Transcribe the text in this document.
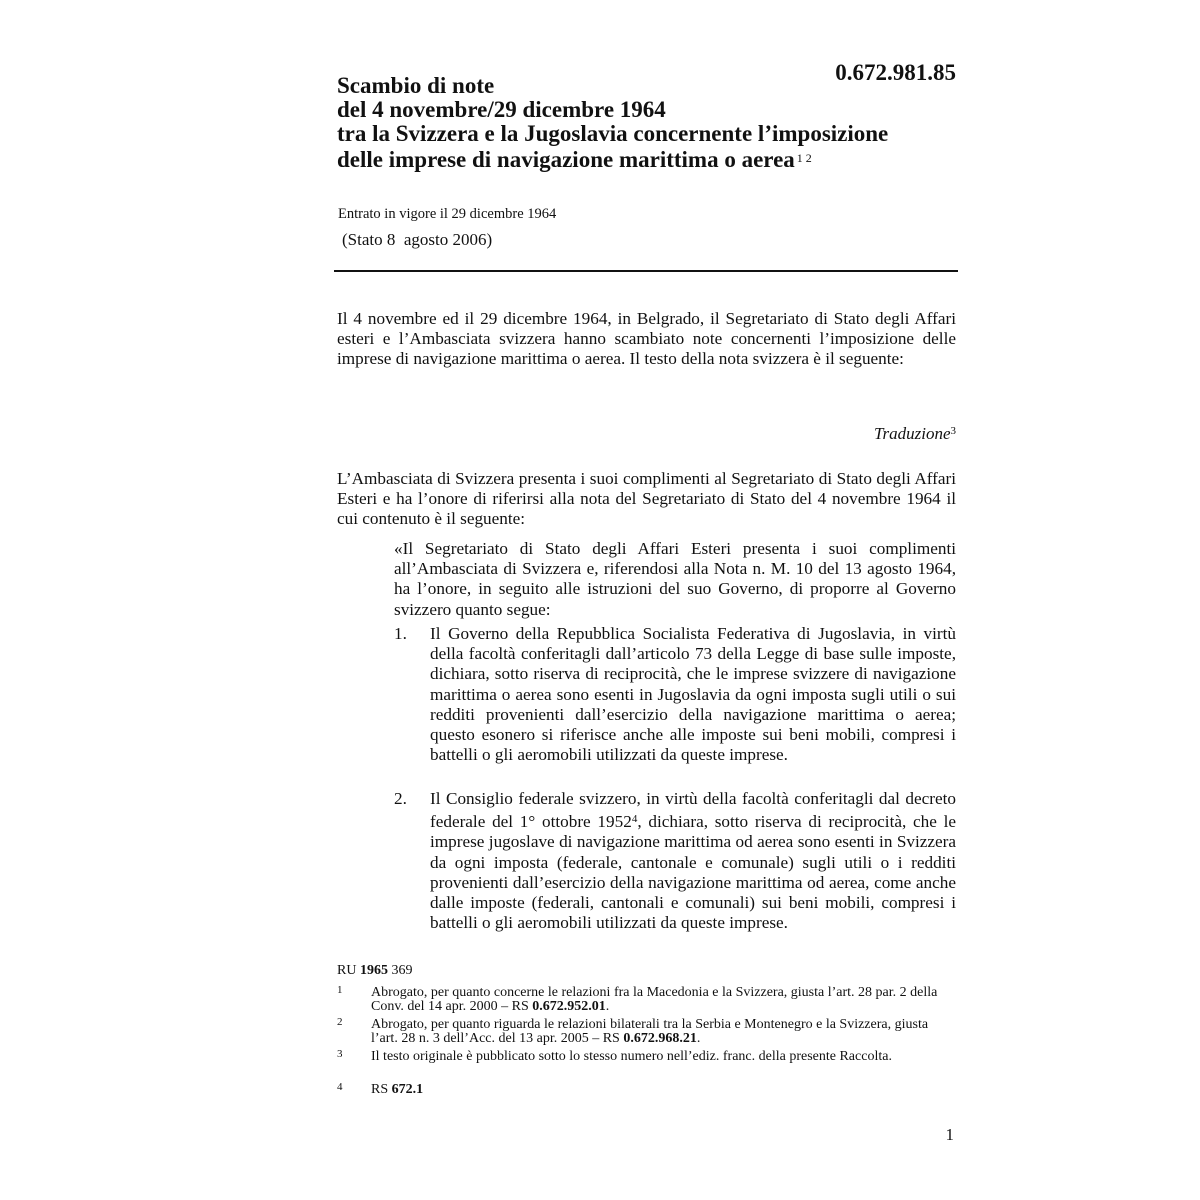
0.672.981.85
Scambio di note
del 4 novembre/29 dicembre 1964
tra la Svizzera e la Jugoslavia concernente l’imposizione
delle imprese di navigazione marittima o aerea $^{1 2}$
Entrato in vigore il 29 dicembre 1964
(Stato 8  agosto 2006)
Il 4 novembre ed il 29 dicembre 1964, in Belgrado, il Segretariato di Stato degli Affari esteri e l’Ambasciata svizzera hanno scambiato note concernenti l’imposizione delle imprese di navigazione marittima o aerea. Il testo della nota svizzera è il seguente:
Traduzione$^3$
L’Ambasciata di Svizzera presenta i suoi complimenti al Segretariato di Stato degli Affari Esteri e ha l’onore di riferirsi alla nota del Segretariato di Stato del 4 novembre 1964 il cui contenuto è il seguente:
«Il Segretariato di Stato degli Affari Esteri presenta i suoi complimenti all’Ambasciata di Svizzera e, riferendosi alla Nota n. M. 10 del 13 agosto 1964, ha l’onore, in seguito alle istruzioni del suo Governo, di proporre al Governo svizzero quanto segue:
1. Il Governo della Repubblica Socialista Federativa di Jugoslavia, in virtù della facoltà conferitagli dall’articolo 73 della Legge di base sulle imposte, dichiara, sotto riserva di reciprocità, che le imprese svizzere di navigazione marittima o aerea sono esenti in Jugoslavia da ogni imposta sugli utili o sui redditi provenienti dall’esercizio della navigazione marittima o aerea; questo esonero si riferisce anche alle imposte sui beni mobili, compresi i battelli o gli aeromobili utilizzati da queste imprese.
2. Il Consiglio federale svizzero, in virtù della facoltà conferitagli dal decreto federale del 1° ottobre 1952$^4$, dichiara, sotto riserva di reciprocità, che le imprese jugoslave di navigazione marittima od aerea sono esenti in Svizzera da ogni imposta (federale, cantonale e comunale) sugli utili o i redditi provenienti dall’esercizio della navigazione marittima od aerea, come anche dalle imposte (federali, cantonali e comunali) sui beni mobili, compresi i battelli o gli aeromobili utilizzati da queste imprese.
RU 1965 369
1 Abrogato, per quanto concerne le relazioni fra la Macedonia e la Svizzera, giusta l’art. 28 par. 2 della Conv. del 14 apr. 2000 – RS 0.672.952.01.
2 Abrogato, per quanto riguarda le relazioni bilaterali tra la Serbia e Montenegro e la Svizzera, giusta l’art. 28 n. 3 dell’Acc. del 13 apr. 2005 – RS 0.672.968.21.
3 Il testo originale è pubblicato sotto lo stesso numero nell’ediz. franc. della presente Raccolta.
4 RS 672.1
1
